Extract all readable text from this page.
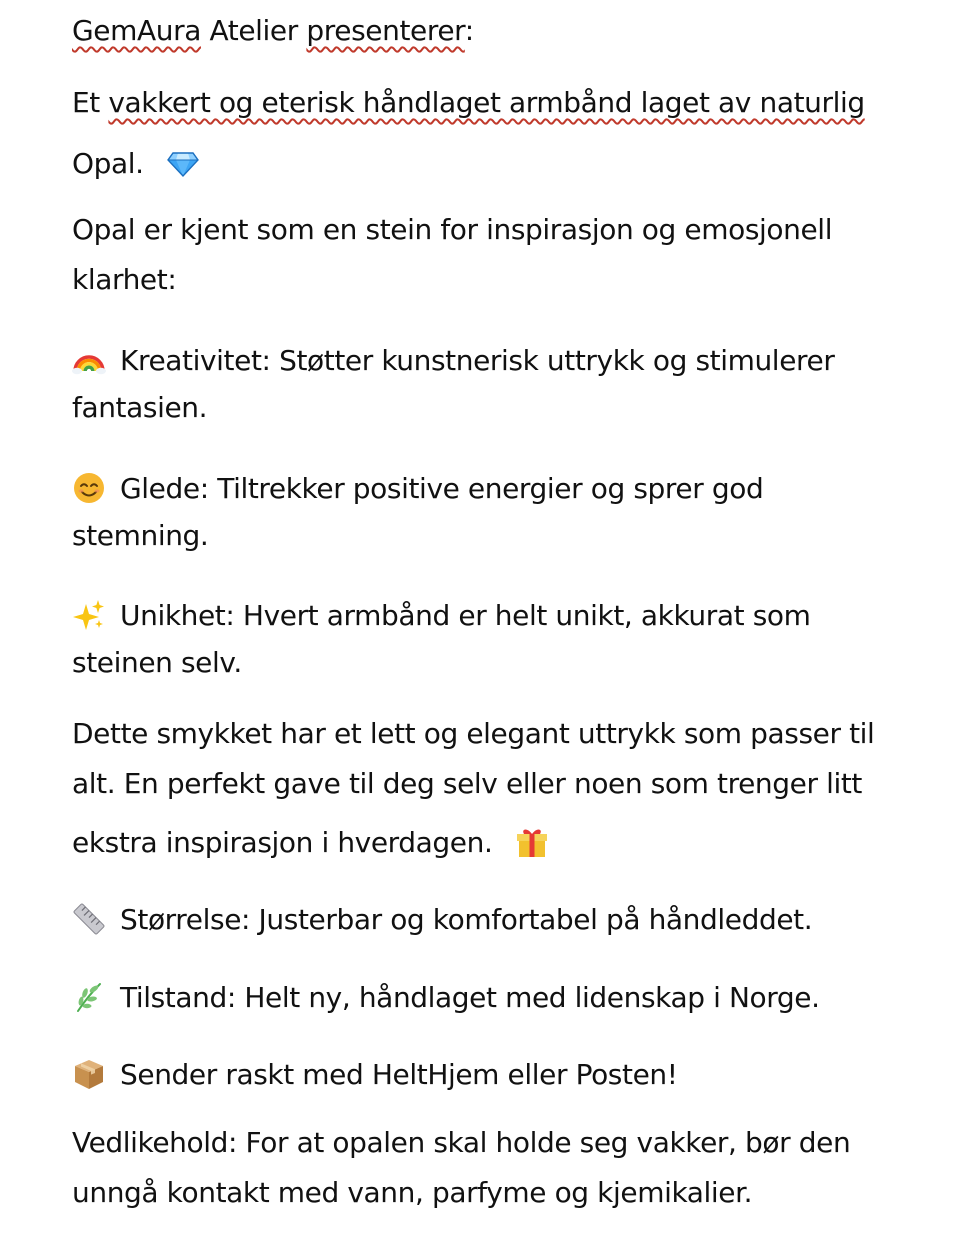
GemAura Atelier presenterer:
Et vakkert og eterisk håndlaget armbånd laget av naturlig
Opal.
Opal er kjent som en stein for inspirasjon og emosjonell
klarhet:
Kreativitet: Støtter kunstnerisk uttrykk og stimulerer
fantasien.
Glede: Tiltrekker positive energier og sprer god
stemning.
Unikhet: Hvert armbånd er helt unikt, akkurat som
steinen selv.
Dette smykket har et lett og elegant uttrykk som passer til
alt. En perfekt gave til deg selv eller noen som trenger litt
ekstra inspirasjon i hverdagen.
Størrelse: Justerbar og komfortabel på håndleddet.
Tilstand: Helt ny, håndlaget med lidenskap i Norge.
Sender raskt med HeltHjem eller Posten!
Vedlikehold: For at opalen skal holde seg vakker, bør den
unngå kontakt med vann, parfyme og kjemikalier.
